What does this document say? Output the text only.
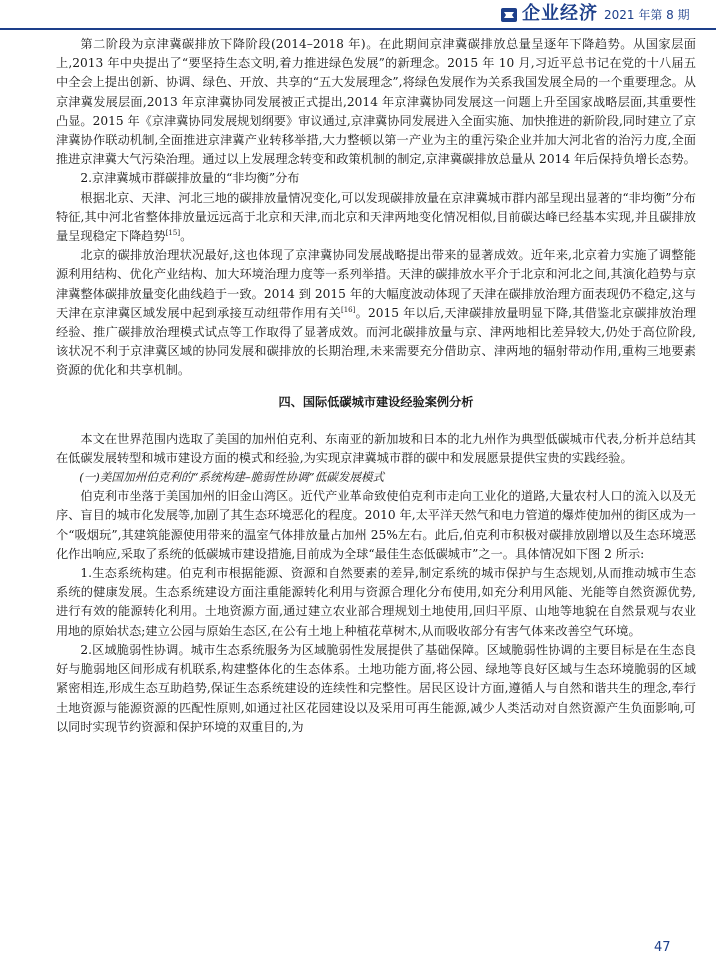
企业经济 2021 年第 8 期

第二阶段为京津冀碳排放下降阶段(2014–2018 年)。在此期间京津冀碳排放总量呈逐年下降趋势。从国家层面上,2013 年中央提出了“要坚持生态文明,着力推进绿色发展”的新理念。2015 年 10 月,习近平总书记在党的十八届五中全会上提出创新、协调、绿色、开放、共享的“五大发展理念”,将绿色发展作为关系我国发展全局的一个重要理念。从京津冀发展层面,2013 年京津冀协同发展被正式提出,2014 年京津冀协同发展这一问题上升至国家战略层面,其重要性凸显。2015 年《京津冀协同发展规划纲要》审议通过,京津冀协同发展进入全面实施、加快推进的新阶段,同时建立了京津冀协作联动机制,全面推进京津冀产业转移举措,大力整顿以第一产业为主的重污染企业并加大河北省的治污力度,全面推进京津冀大气污染治理。通过以上发展理念转变和政策机制的制定,京津冀碳排放总量从 2014 年后保持负增长态势。

2.京津冀城市群碳排放量的“非均衡”分布

根据北京、天津、河北三地的碳排放量情况变化,可以发现碳排放量在京津冀城市群内部呈现出显著的“非均衡”分布特征,其中河北省整体排放量远远高于北京和天津,而北京和天津两地变化情况相似,目前碳达峰已经基本实现,并且碳排放量呈现稳定下降趋势[15]。

北京的碳排放治理状况最好,这也体现了京津冀协同发展战略提出带来的显著成效。近年来,北京着力实施了调整能源利用结构、优化产业结构、加大环境治理力度等一系列举措。天津的碳排放水平介于北京和河北之间,其演化趋势与京津冀整体碳排放量变化曲线趋于一致。2014 到 2015 年的大幅度波动体现了天津在碳排放治理方面表现仍不稳定,这与天津在京津冀区域发展中起到承接互动纽带作用有关[16]。2015 年以后,天津碳排放量明显下降,其借鉴北京碳排放治理经验、推广碳排放治理模式试点等工作取得了显著成效。而河北碳排放量与京、津两地相比差异较大,仍处于高位阶段,该状况不利于京津冀区域的协同发展和碳排放的长期治理,未来需要充分借助京、津两地的辐射带动作用,重构三地要素资源的优化和共享机制。

四、国际低碳城市建设经验案例分析

本文在世界范围内选取了美国的加州伯克利、东南亚的新加坡和日本的北九州作为典型低碳城市代表,分析并总结其在低碳发展转型和城市建设方面的模式和经验,为实现京津冀城市群的碳中和发展愿景提供宝贵的实践经验。

(一)美国加州伯克利的“系统构建–脆弱性协调”低碳发展模式

伯克利市坐落于美国加州的旧金山湾区。近代产业革命致使伯克利市走向工业化的道路,大量农村人口的流入以及无序、盲目的城市化发展等,加剧了其生态环境恶化的程度。2010 年,太平洋天然气和电力管道的爆炸使加州的街区成为一个“吸烟玩”,其建筑能源使用带来的温室气体排放量占加州 25%左右。此后,伯克利市积极对碳排放剧增以及生态环境恶化作出响应,采取了系统的低碳城市建设措施,目前成为全球“最佳生态低碳城市”之一。具体情况如下图 2 所示:

1.生态系统构建。伯克利市根据能源、资源和自然要素的差异,制定系统的城市保护与生态规划,从而推动城市生态系统的健康发展。生态系统建设方面注重能源转化利用与资源合理化分布使用,如充分利用风能、光能等自然资源优势,进行有效的能源转化利用。土地资源方面,通过建立农业部合理规划土地使用,回归平原、山地等地貌在自然景观与农业用地的原始状态;建立公园与原始生态区,在公有土地上种植花草树木,从而吸收部分有害气体来改善空气环境。

2.区域脆弱性协调。城市生态系统服务为区域脆弱性发展提供了基础保障。区域脆弱性协调的主要目标是在生态良好与脆弱地区间形成有机联系,构建整体化的生态体系。土地功能方面,将公园、绿地等良好区域与生态环境脆弱的区域紧密相连,形成生态互助趋势,保证生态系统建设的连续性和完整性。居民区设计方面,遵循人与自然和谐共生的理念,奉行土地资源与能源资源的匹配性原则,如通过社区花园建设以及采用可再生能源,减少人类活动对自然资源产生负面影响,可以同时实现节约资源和保护环境的双重目的,为

47
